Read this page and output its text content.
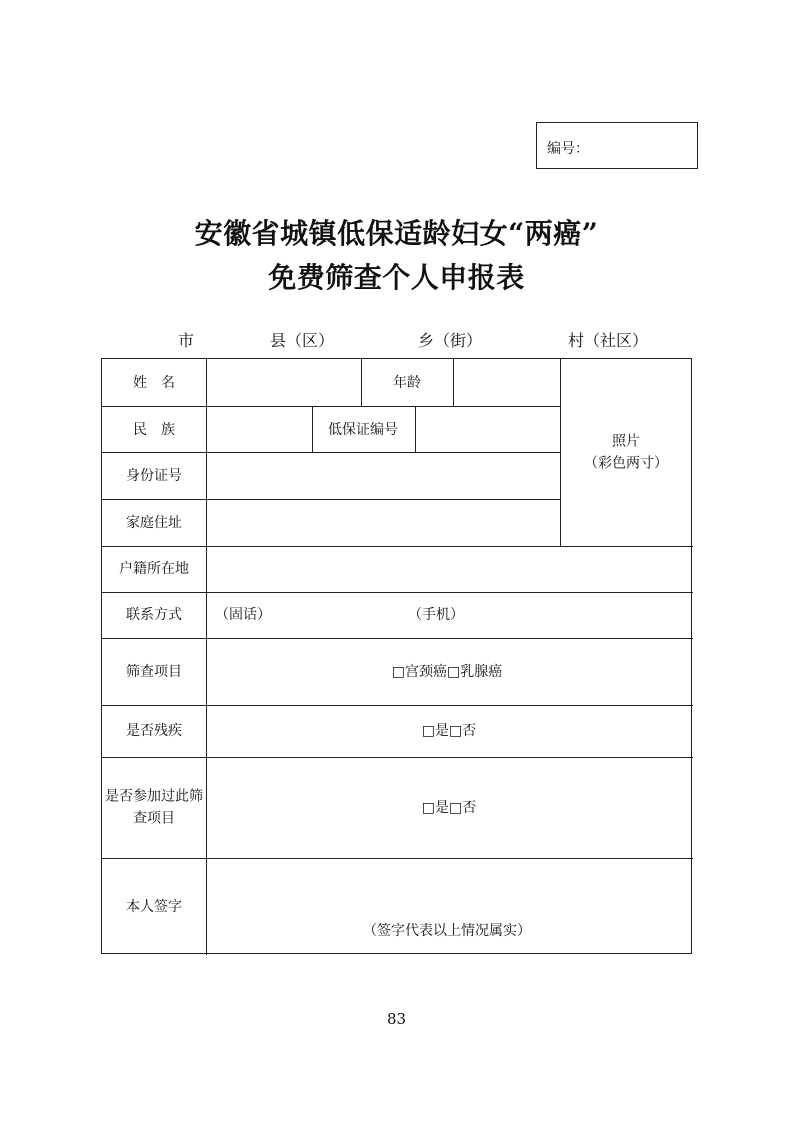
编号：
安徽省城镇低保适龄妇女“两癌”
免费筛查个人申报表
市	县（区）	乡（街）	村（社区）
姓　名	年龄
民　族	低保证编号
照片
（彩色两寸）
身份证号
家庭住址
户籍所在地
联系方式 （固话）	（手机）
筛查项目	□宫颈癌□乳腺癌
是否残疾	□是□否
是否参加过此筛查项目
□是□否
本人签字
（签字代表以上情况属实）
83
